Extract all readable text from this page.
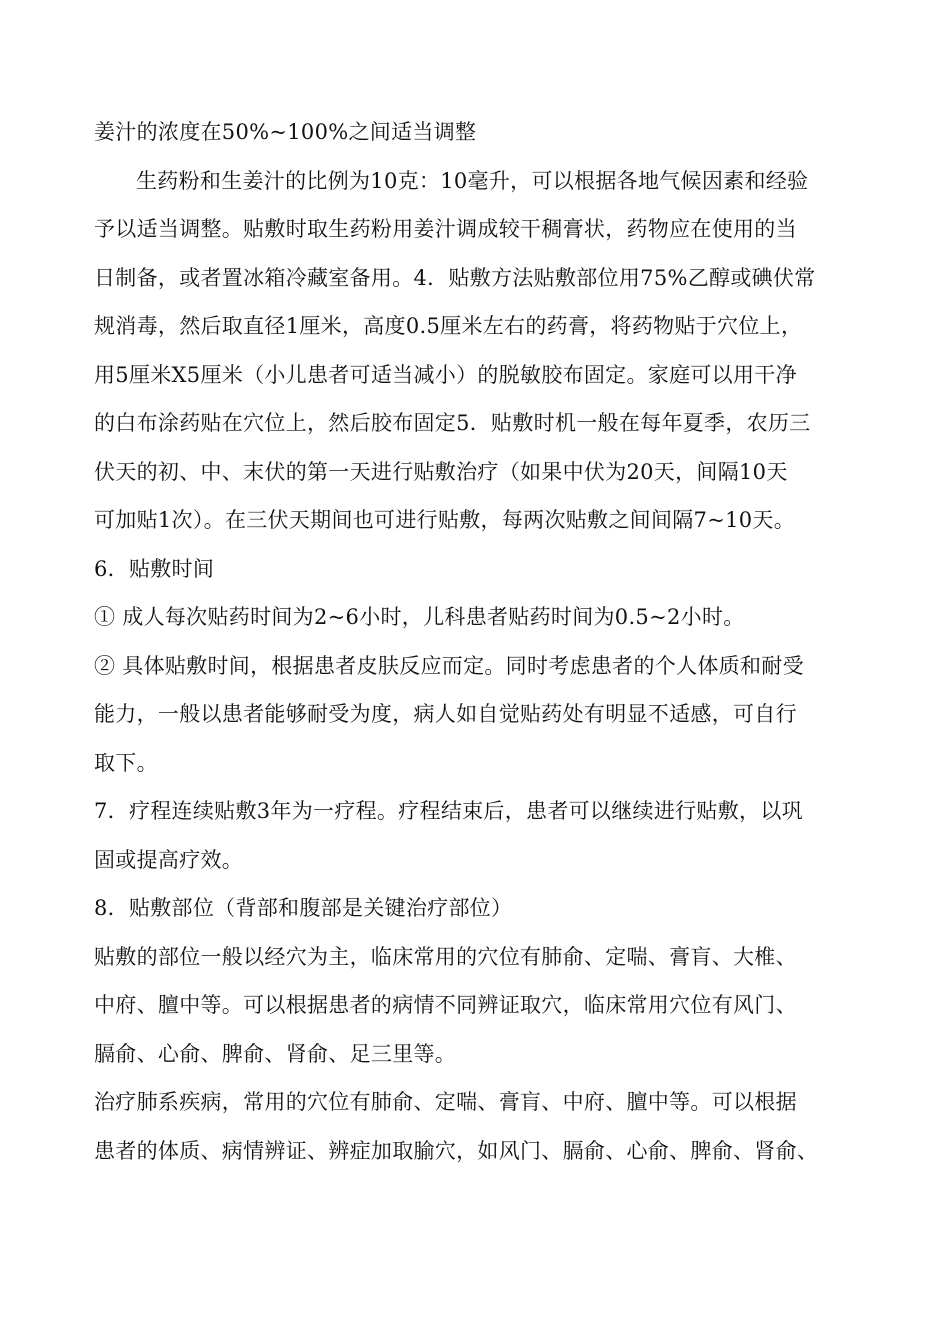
姜汁的浓度在50%~100%之间适当调整

生药粉和生姜汁的比例为10克：10毫升，可以根据各地气候因素和经验

予以适当调整。贴敷时取生药粉用姜汁调成较干稠膏状，药物应在使用的当
日制备，或者置冰箱冷藏室备用。4．贴敷方法贴敷部位用75%乙醇或碘伏常
规消毒，然后取直径1厘米，高度0.5厘米左右的药膏，将药物贴于穴位上，
用5厘米X5厘米（小儿患者可适当减小）的脱敏胶布固定。家庭可以用干净
的白布涂药贴在穴位上，然后胶布固定5．贴敷时机一般在每年夏季，农历三
伏天的初、中、末伏的第一天进行贴敷治疗（如果中伏为20天，间隔10天
可加贴1次）。在三伏天期间也可进行贴敷，每两次贴敷之间间隔7~10天。

6．贴敷时间

① 成人每次贴药时间为2~6小时，儿科患者贴药时间为0.5~2小时。

② 具体贴敷时间，根据患者皮肤反应而定。同时考虑患者的个人体质和耐受
能力，一般以患者能够耐受为度，病人如自觉贴药处有明显不适感，可自行
取下。

7．疗程连续贴敷3年为一疗程。疗程结束后，患者可以继续进行贴敷，以巩
固或提高疗效。

8．贴敷部位（背部和腹部是关键治疗部位）

贴敷的部位一般以经穴为主，临床常用的穴位有肺俞、定喘、膏肓、大椎、
中府、膻中等。可以根据患者的病情不同辨证取穴，临床常用穴位有风门、
膈俞、心俞、脾俞、肾俞、足三里等。

治疗肺系疾病，常用的穴位有肺俞、定喘、膏肓、中府、膻中等。可以根据
患者的体质、病情辨证、辨症加取腧穴，如风门、膈俞、心俞、脾俞、肾俞、
